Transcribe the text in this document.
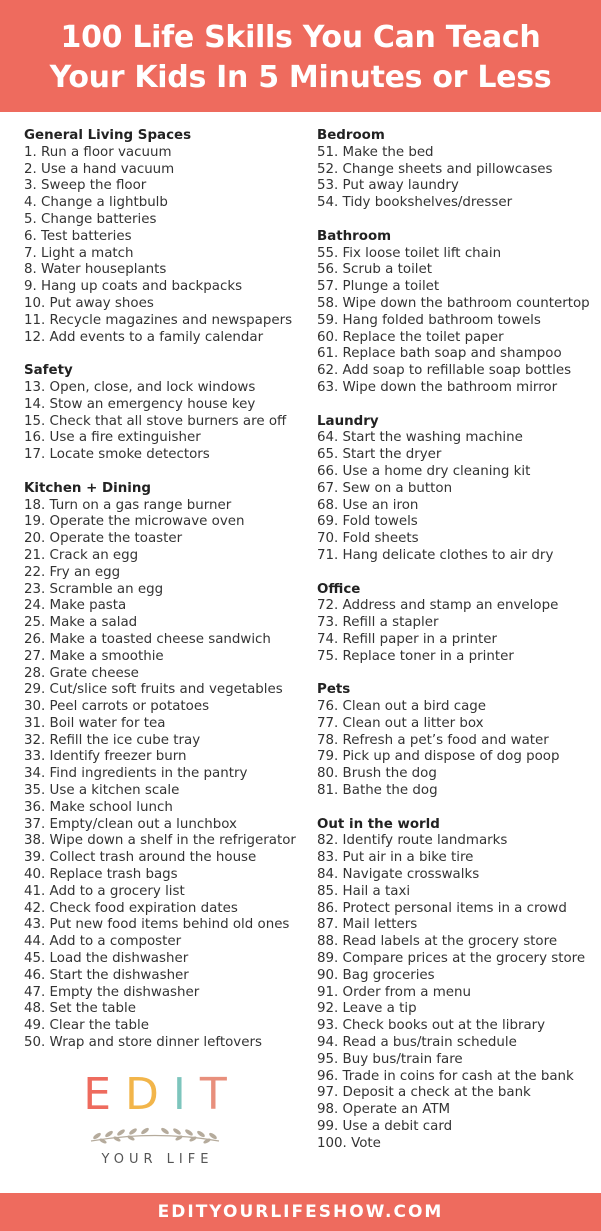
100 Life Skills You Can Teach
Your Kids In 5 Minutes or Less
General Living Spaces
1. Run a floor vacuum
2. Use a hand vacuum
3. Sweep the floor
4. Change a lightbulb
5. Change batteries
6. Test batteries
7. Light a match
8. Water houseplants
9. Hang up coats and backpacks
10. Put away shoes
11. Recycle magazines and newspapers
12. Add events to a family calendar
Safety
13. Open, close, and lock windows
14. Stow an emergency house key
15. Check that all stove burners are off
16. Use a fire extinguisher
17. Locate smoke detectors
Kitchen + Dining
18. Turn on a gas range burner
19. Operate the microwave oven
20. Operate the toaster
21. Crack an egg
22. Fry an egg
23. Scramble an egg
24. Make pasta
25. Make a salad
26. Make a toasted cheese sandwich
27. Make a smoothie
28. Grate cheese
29. Cut/slice soft fruits and vegetables
30. Peel carrots or potatoes
31. Boil water for tea
32. Refill the ice cube tray
33. Identify freezer burn
34. Find ingredients in the pantry
35. Use a kitchen scale
36. Make school lunch
37. Empty/clean out a lunchbox
38. Wipe down a shelf in the refrigerator
39. Collect trash around the house
40. Replace trash bags
41. Add to a grocery list
42. Check food expiration dates
43. Put new food items behind old ones
44. Add to a composter
45. Load the dishwasher
46. Start the dishwasher
47. Empty the dishwasher
48. Set the table
49. Clear the table
50. Wrap and store dinner leftovers
Bedroom
51. Make the bed
52. Change sheets and pillowcases
53. Put away laundry
54. Tidy bookshelves/dresser
Bathroom
55. Fix loose toilet lift chain
56. Scrub a toilet
57. Plunge a toilet
58. Wipe down the bathroom countertop
59. Hang folded bathroom towels
60. Replace the toilet paper
61. Replace bath soap and shampoo
62. Add soap to refillable soap bottles
63. Wipe down the bathroom mirror
Laundry
64. Start the washing machine
65. Start the dryer
66. Use a home dry cleaning kit
67. Sew on a button
68. Use an iron
69. Fold towels
70. Fold sheets
71. Hang delicate clothes to air dry
Office
72. Address and stamp an envelope
73. Refill a stapler
74. Refill paper in a printer
75. Replace toner in a printer
Pets
76. Clean out a bird cage
77. Clean out a litter box
78. Refresh a pet’s food and water
79. Pick up and dispose of dog poop
80. Brush the dog
81. Bathe the dog
Out in the world
82. Identify route landmarks
83. Put air in a bike tire
84. Navigate crosswalks
85. Hail a taxi
86. Protect personal items in a crowd
87. Mail letters
88. Read labels at the grocery store
89. Compare prices at the grocery store
90. Bag groceries
91. Order from a menu
92. Leave a tip
93. Check books out at the library
94. Read a bus/train schedule
95. Buy bus/train fare
96. Trade in coins for cash at the bank
97. Deposit a check at the bank
98. Operate an ATM
99. Use a debit card
100. Vote
EDIT
YOUR LIFE
EDITYOURLIFESHOW.COM
